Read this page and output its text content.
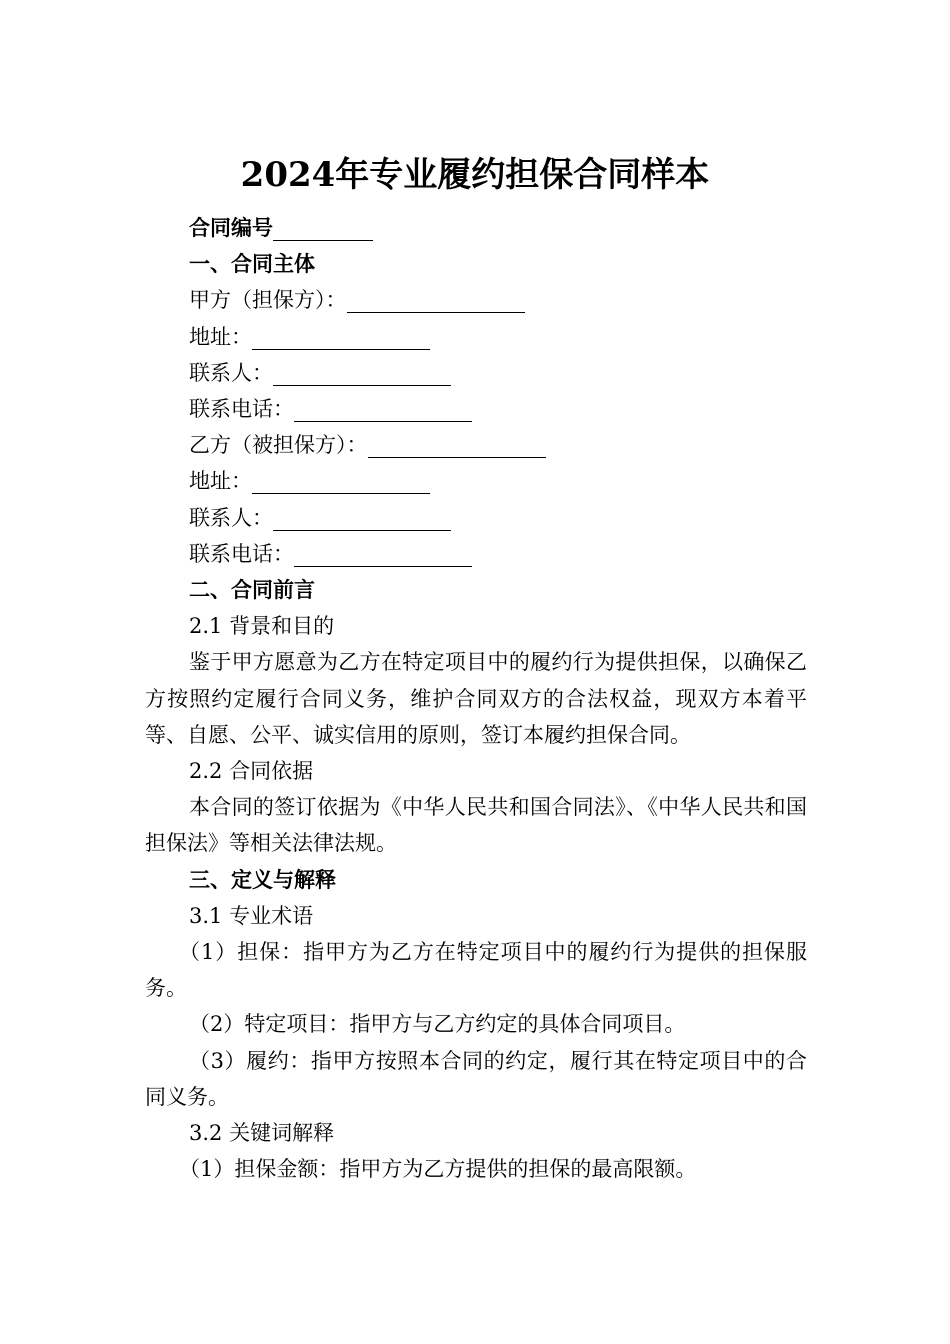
2024年专业履约担保合同样本
合同编号
一、合同主体
甲方（担保方）：
地址：
联系人：
联系电话：
乙方（被担保方）：
地址：
联系人：
联系电话：
二、合同前言
2.1 背景和目的
鉴于甲方愿意为乙方在特定项目中的履约行为提供担保，以确保乙方按照约定履行合同义务，维护合同双方的合法权益，现双方本着平等、自愿、公平、诚实信用的原则，签订本履约担保合同。
2.2 合同依据
本合同的签订依据为《中华人民共和国合同法》、《中华人民共和国担保法》等相关法律法规。
三、定义与解释
3.1 专业术语
（1）担保：指甲方为乙方在特定项目中的履约行为提供的担保服务。
（2）特定项目：指甲方与乙方约定的具体合同项目。
（3）履约：指甲方按照本合同的约定，履行其在特定项目中的合同义务。
3.2 关键词解释
（1）担保金额：指甲方为乙方提供的担保的最高限额。
